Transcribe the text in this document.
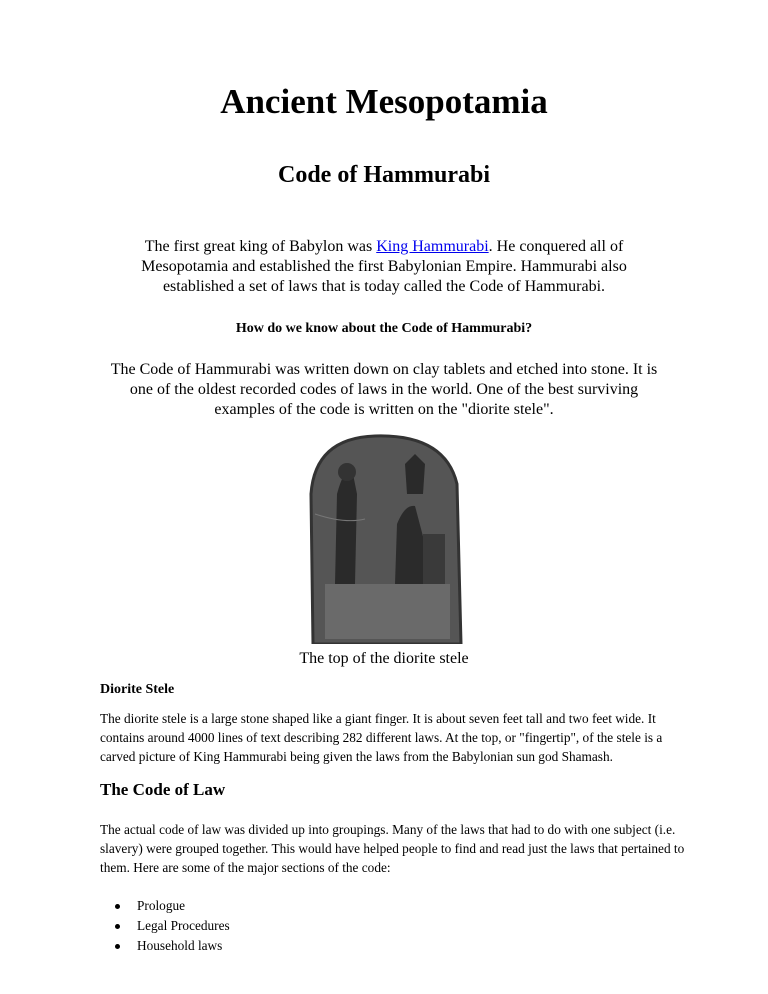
Ancient Mesopotamia
Code of Hammurabi

The first great king of Babylon was King Hammurabi. He conquered all of Mesopotamia and established the first Babylonian Empire. Hammurabi also established a set of laws that is today called the Code of Hammurabi.

How do we know about the Code of Hammurabi?

The Code of Hammurabi was written down on clay tablets and etched into stone. It is one of the oldest recorded codes of laws in the world. One of the best surviving examples of the code is written on the "diorite stele".

The top of the diorite stele
Diorite Stele

The diorite stele is a large stone shaped like a giant finger. It is about seven feet tall and two feet wide. It contains around 4000 lines of text describing 282 different laws. At the top, or "fingertip", of the stele is a carved picture of King Hammurabi being given the laws from the Babylonian sun god Shamash.

The Code of Law

The actual code of law was divided up into groupings. Many of the laws that had to do with one subject (i.e. slavery) were grouped together. This would have helped people to find and read just the laws that pertained to them. Here are some of the major sections of the code:

Prologue
Legal Procedures
Household laws
